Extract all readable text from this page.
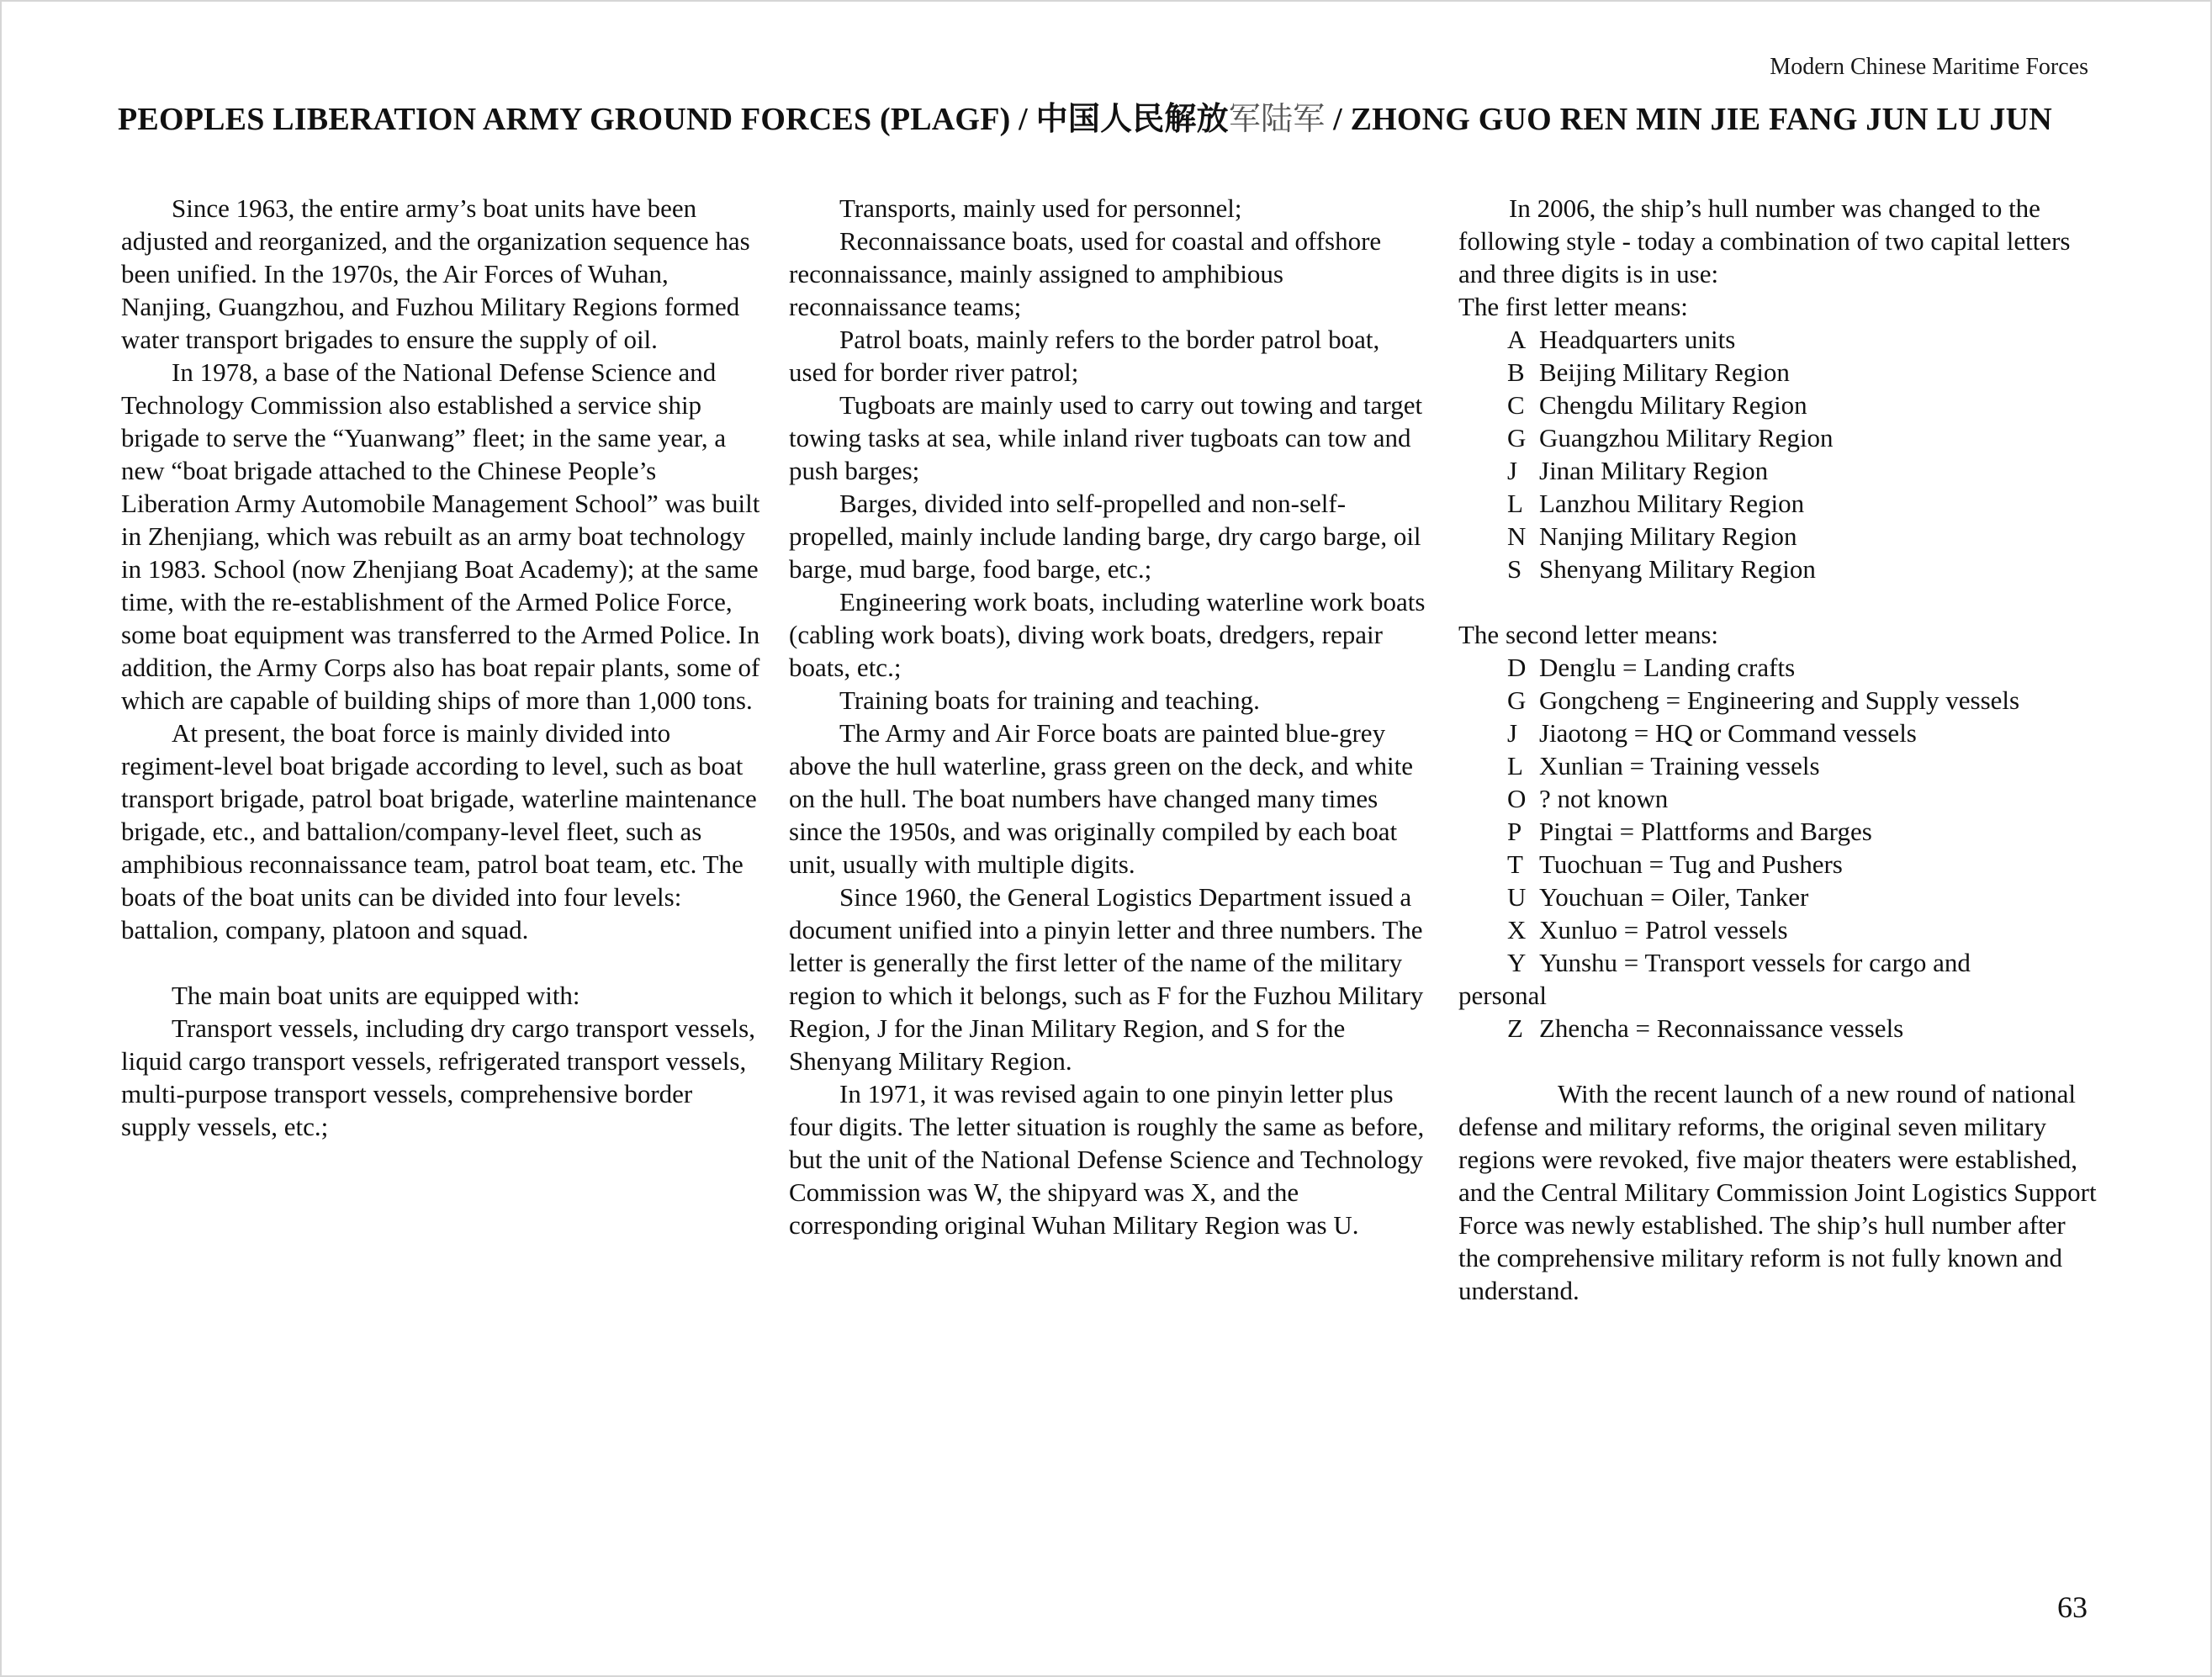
Modern Chinese Maritime Forces
PEOPLES LIBERATION ARMY GROUND FORCES (PLAGF) / 中国人民解放军陆军 / ZHONG GUO REN MIN JIE FANG JUN LU JUN

Since 1963, the entire army’s boat units have been adjusted and reorganized, and the organization sequence has been unified. In the 1970s, the Air Forces of Wuhan, Nanjing, Guangzhou, and Fuzhou Military Regions formed water transport brigades to ensure the supply of oil.

In 1978, a base of the National Defense Science and Technology Commission also established a service ship brigade to serve the “Yuanwang” fleet; in the same year, a new “boat brigade attached to the Chinese People’s Liberation Army Automobile Management School” was built in Zhenjiang, which was rebuilt as an army boat technology in 1983. School (now Zhenjiang Boat Academy); at the same time, with the re-establishment of the Armed Police Force, some boat equipment was transferred to the Armed Police. In addition, the Army Corps also has boat repair plants, some of which are capable of building ships of more than 1,000 tons.

At present, the boat force is mainly divided into regiment-level boat brigade according to level, such as boat transport brigade, patrol boat brigade, waterline maintenance brigade, etc., and battalion/company-level fleet, such as amphibious reconnaissance team, patrol boat team, etc. The boats of the boat units can be divided into four levels: battalion, company, platoon and squad.

The main boat units are equipped with:

Transport vessels, including dry cargo transport vessels, liquid cargo transport vessels, refrigerated transport vessels, multi-purpose transport vessels, comprehensive border supply vessels, etc.;

Transports, mainly used for personnel;

Reconnaissance boats, used for coastal and offshore reconnaissance, mainly assigned to amphibious reconnaissance teams;

Patrol boats, mainly refers to the border patrol boat, used for border river patrol;

Tugboats are mainly used to carry out towing and target towing tasks at sea, while inland river tugboats can tow and push barges;

Barges, divided into self-propelled and non-self-propelled, mainly include landing barge, dry cargo barge, oil barge, mud barge, food barge, etc.;

Engineering work boats, including waterline work boats (cabling work boats), diving work boats, dredgers, repair boats, etc.;

Training boats for training and teaching.

The Army and Air Force boats are painted blue-grey above the hull waterline, grass green on the deck, and white on the hull. The boat numbers have changed many times since the 1950s, and was originally compiled by each boat unit, usually with multiple digits.

Since 1960, the General Logistics Department issued a document unified into a pinyin letter and three numbers. The letter is generally the first letter of the name of the military region to which it belongs, such as F for the Fuzhou Military Region, J for the Jinan Military Region, and S for the Shenyang Military Region.

In 1971, it was revised again to one pinyin letter plus four digits. The letter situation is roughly the same as before, but the unit of the National Defense Science and Technology Commission was W, the shipyard was X, and the corresponding original Wuhan Military Region was U.

In 2006, the ship’s hull number was changed to the following style - today a combination of two capital letters and three digits is in use:

The first letter means:

A Headquarters units
B Beijing Military Region
C Chengdu Military Region
G Guangzhou Military Region
J Jinan Military Region
L Lanzhou Military Region
N Nanjing Military Region
S Shenyang Military Region

The second letter means:

D Denglu = Landing crafts
G Gongcheng = Engineering and Supply vessels
J Jiaotong = HQ or Command vessels
L Xunlian = Training vessels
O ? not known
P Pingtai = Plattforms and Barges
T Tuochuan = Tug and Pushers
U Youchuan = Oiler, Tanker
X Xunluo = Patrol vessels
Y Yunshu = Transport vessels for cargo and

personal

Z Zhencha = Reconnaissance vessels

With the recent launch of a new round of national defense and military reforms, the original seven military regions were revoked, five major theaters were established, and the Central Military Commission Joint Logistics Support Force was newly established. The ship’s hull number after the comprehensive military reform is not fully known and understand.

63
